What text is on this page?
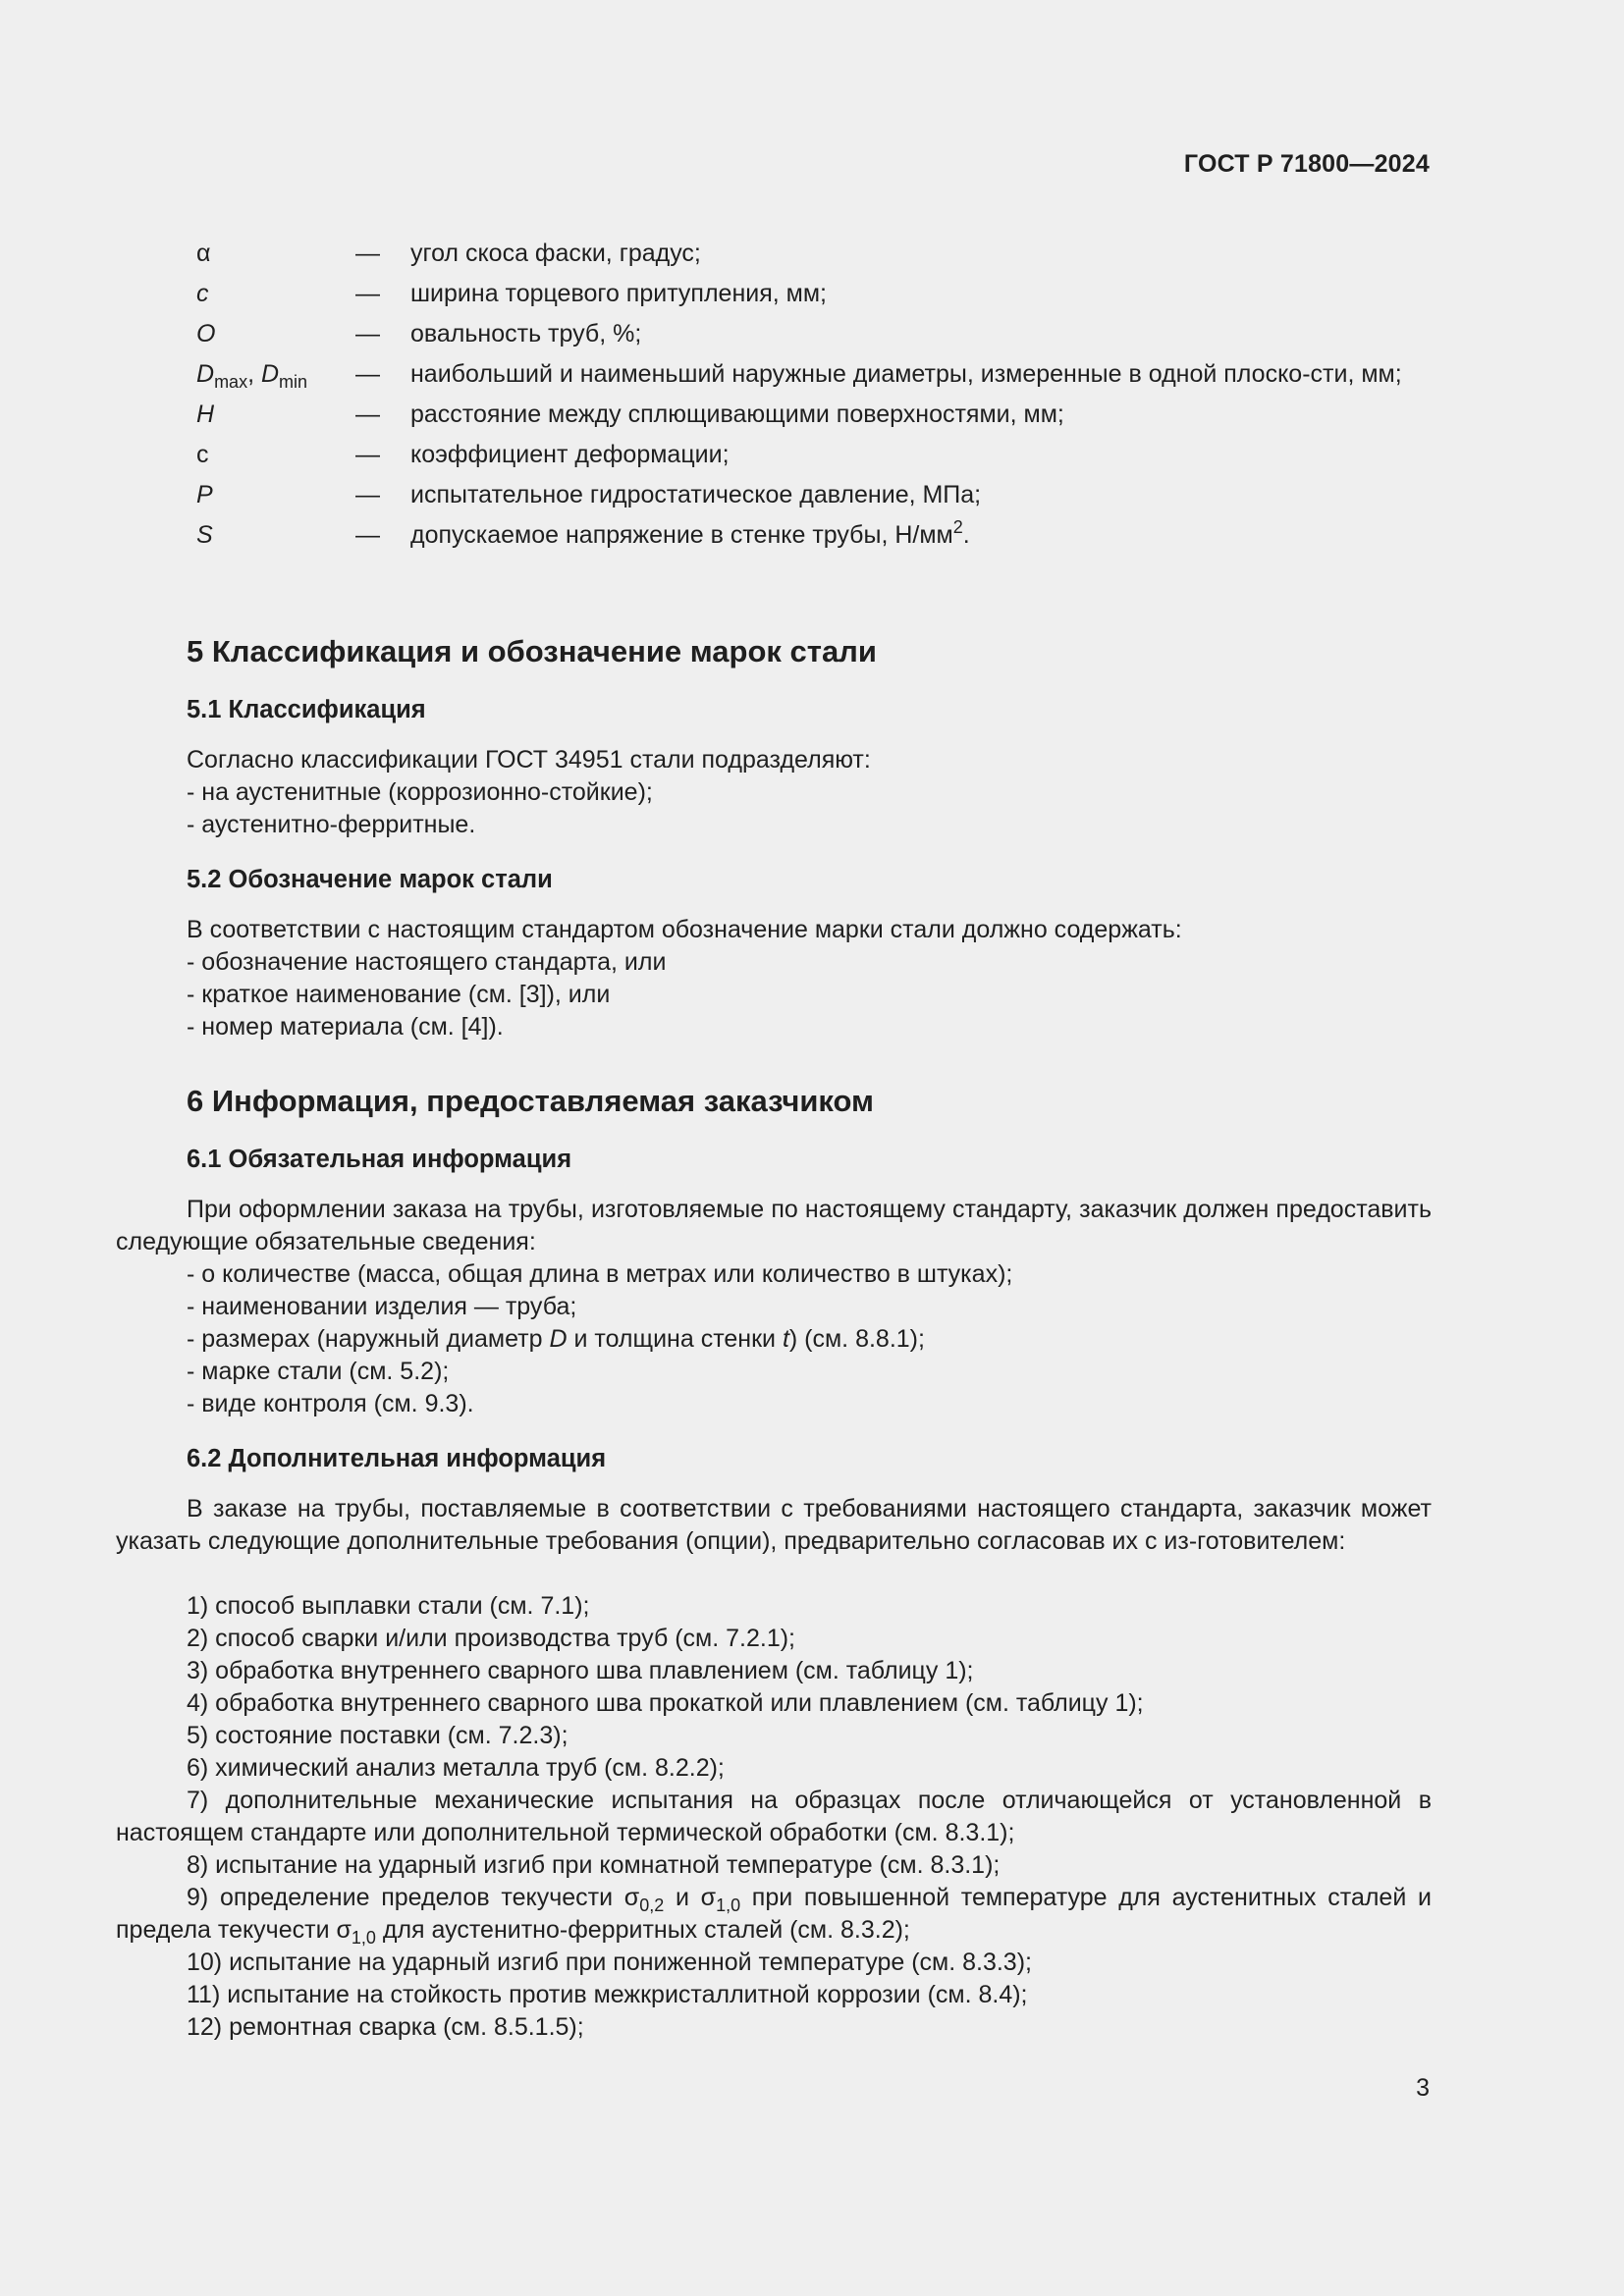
ГОСТ Р 71800—2024
α	—	угол скоса фаски, градус;
c	—	ширина торцевого притупления, мм;
O	—	овальность труб, %;
$D_{max}$, $D_{min}$	—	наибольший и наименьший наружные диаметры, измеренные в одной плоско-сти, мм;
H	—	расстояние между сплющивающими поверхностями, мм;
c	—	коэффициент деформации;
P	—	испытательное гидростатическое давление, МПа;
S	—	допускаемое напряжение в стенке трубы, $Н/мм^2$.
5 Классификация и обозначение марок стали
5.1 Классификация
Согласно классификации ГОСТ 34951 стали подразделяют:
- на аустенитные (коррозионно-стойкие);
- аустенитно-ферритные.
5.2 Обозначение марок стали
В соответствии с настоящим стандартом обозначение марки стали должно содержать:
- обозначение настоящего стандарта, или
- краткое наименование (см. [3]), или
- номер материала (см. [4]).
6 Информация, предоставляемая заказчиком
6.1 Обязательная информация
При оформлении заказа на трубы, изготовляемые по настоящему стандарту, заказчик должен предоставить следующие обязательные сведения:
- о количестве (масса, общая длина в метрах или количество в штуках);
- наименовании изделия — труба;
- размерах (наружный диаметр D и толщина стенки t) (см. 8.8.1);
- марке стали (см. 5.2);
- виде контроля (см. 9.3).
6.2 Дополнительная информация
В заказе на трубы, поставляемые в соответствии с требованиями настоящего стандарта, заказчик может указать следующие дополнительные требования (опции), предварительно согласовав их с из-готовителем:
1) способ выплавки стали (см. 7.1);
2) способ сварки и/или производства труб (см. 7.2.1);
3) обработка внутреннего сварного шва плавлением (см. таблицу 1);
4) обработка внутреннего сварного шва прокаткой или плавлением (см. таблицу 1);
5) состояние поставки (см. 7.2.3);
6) химический анализ металла труб (см. 8.2.2);
7) дополнительные механические испытания на образцах после отличающейся от установленной в настоящем стандарте или дополнительной термической обработки (см. 8.3.1);
8) испытание на ударный изгиб при комнатной температуре (см. 8.3.1);
9) определение пределов текучести $\sigma_{0,2}$ и $\sigma_{1,0}$ при повышенной температуре для аустенитных сталей и предела текучести $\sigma_{1,0}$ для аустенитно-ферритных сталей (см. 8.3.2);
10) испытание на ударный изгиб при пониженной температуре (см. 8.3.3);
11) испытание на стойкость против межкристаллитной коррозии (см. 8.4);
12) ремонтная сварка (см. 8.5.1.5);
3
